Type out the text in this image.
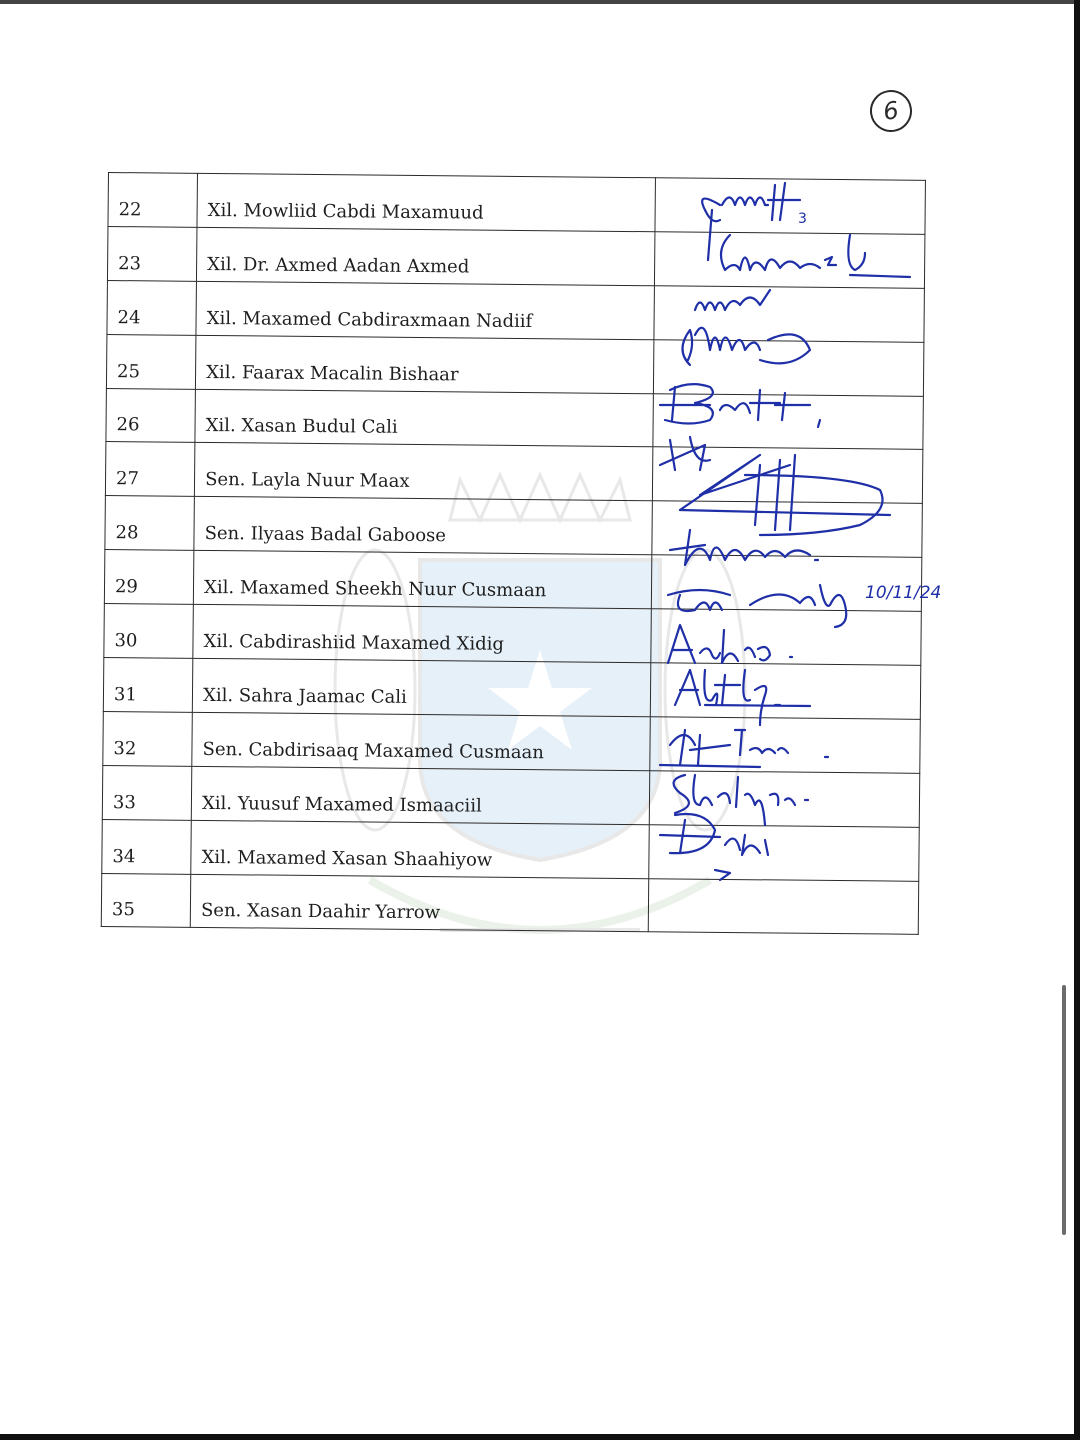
6
22	Xil. Mowliid Cabdi Maxamuud	
23	Xil. Dr. Axmed Aadan Axmed	
24	Xil. Maxamed Cabdiraxmaan Nadiif	
25	Xil. Faarax Macalin Bishaar	
26	Xil. Xasan Budul Cali	
27	Sen. Layla Nuur Maax	
28	Sen. Ilyaas Badal Gaboose	
29	Xil. Maxamed Sheekh Nuur Cusmaan	
30	Xil. Cabdirashiid Maxamed Xidig	
31	Xil. Sahra Jaamac Cali	
32	Sen. Cabdirisaaq Maxamed Cusmaan	
33	Xil. Yuusuf Maxamed Ismaaciil	
34	Xil. Maxamed Xasan Shaahiyow	
35	Sen. Xasan Daahir Yarrow	
3
10/11/24
